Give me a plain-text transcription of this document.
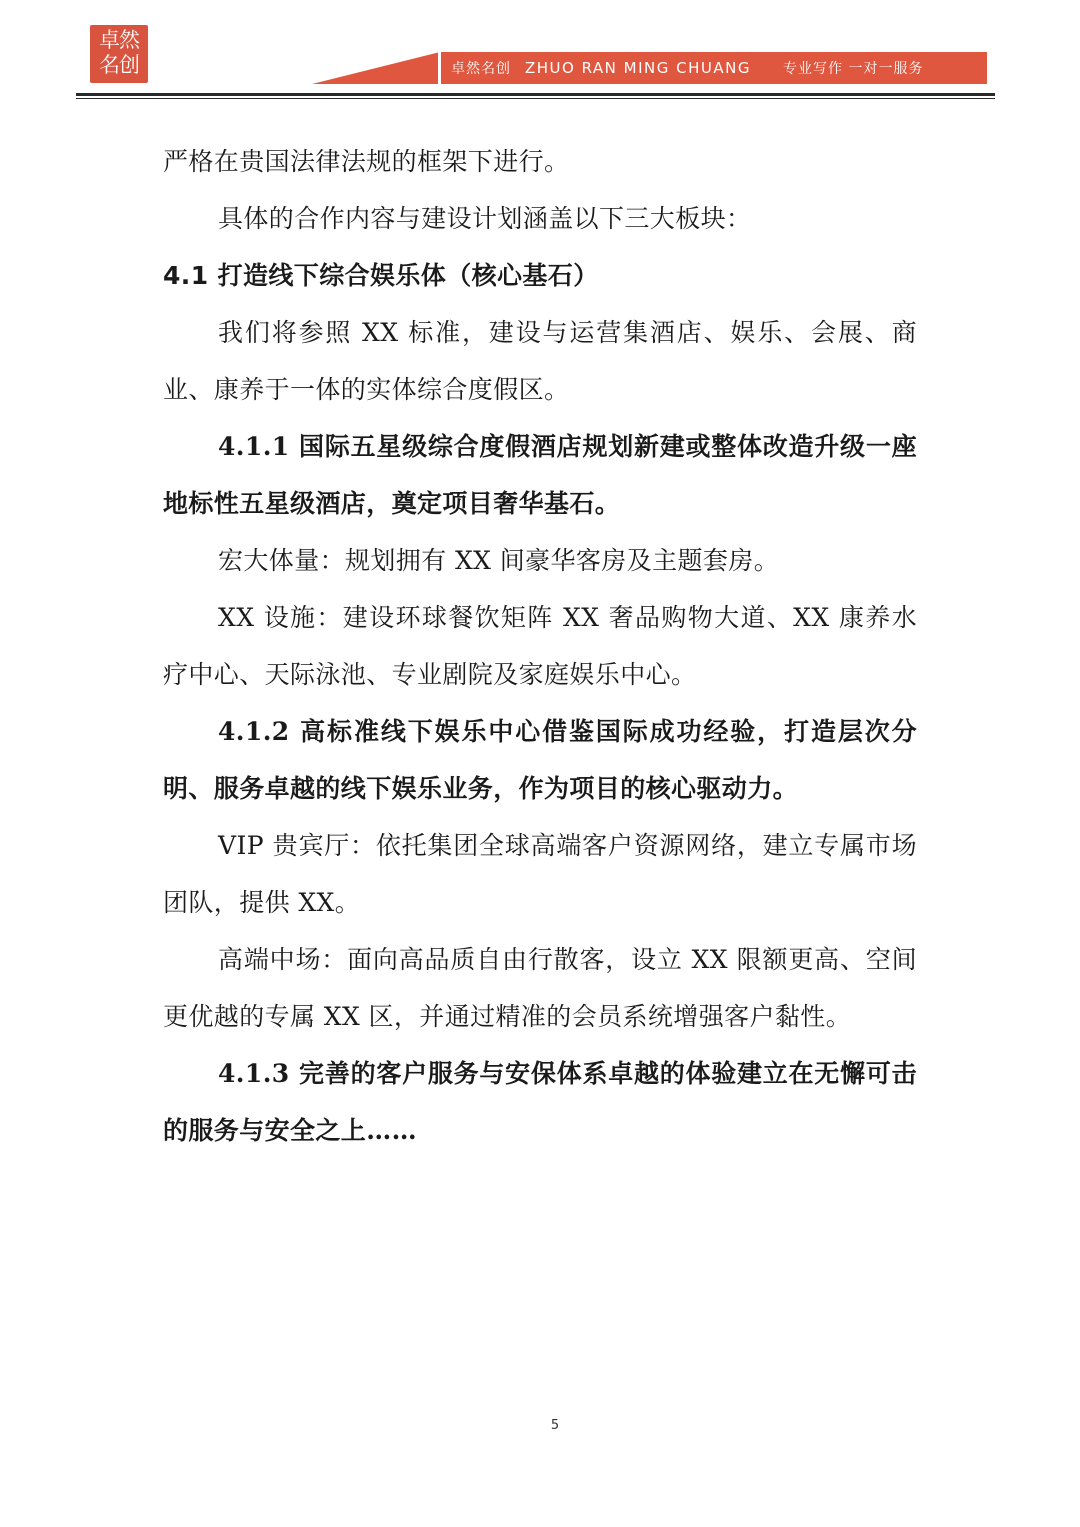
卓然
名创	卓然名创 ZHUO RAN MING CHUANG 专业写作 一对一服务

严格在贵国法律法规的框架下进行。

具体的合作内容与建设计划涵盖以下三大板块：

4.1 打造线下综合娱乐体（核心基石）

我们将参照 XX 标准，建设与运营集酒店、娱乐、会展、商业、康养于一体的实体综合度假区。

4.1.1 国际五星级综合度假酒店规划新建或整体改造升级一座地标性五星级酒店，奠定项目奢华基石。

宏大体量：规划拥有 XX 间豪华客房及主题套房。

XX 设施：建设环球餐饮矩阵 XX 奢品购物大道、XX 康养水疗中心、天际泳池、专业剧院及家庭娱乐中心。

4.1.2 高标准线下娱乐中心借鉴国际成功经验，打造层次分明、服务卓越的线下娱乐业务，作为项目的核心驱动力。

VIP 贵宾厅：依托集团全球高端客户资源网络，建立专属市场团队，提供 XX。

高端中场：面向高品质自由行散客，设立 XX 限额更高、空间更优越的专属 XX 区，并通过精准的会员系统增强客户黏性。

4.1.3 完善的客户服务与安保体系卓越的体验建立在无懈可击的服务与安全之上……

5
